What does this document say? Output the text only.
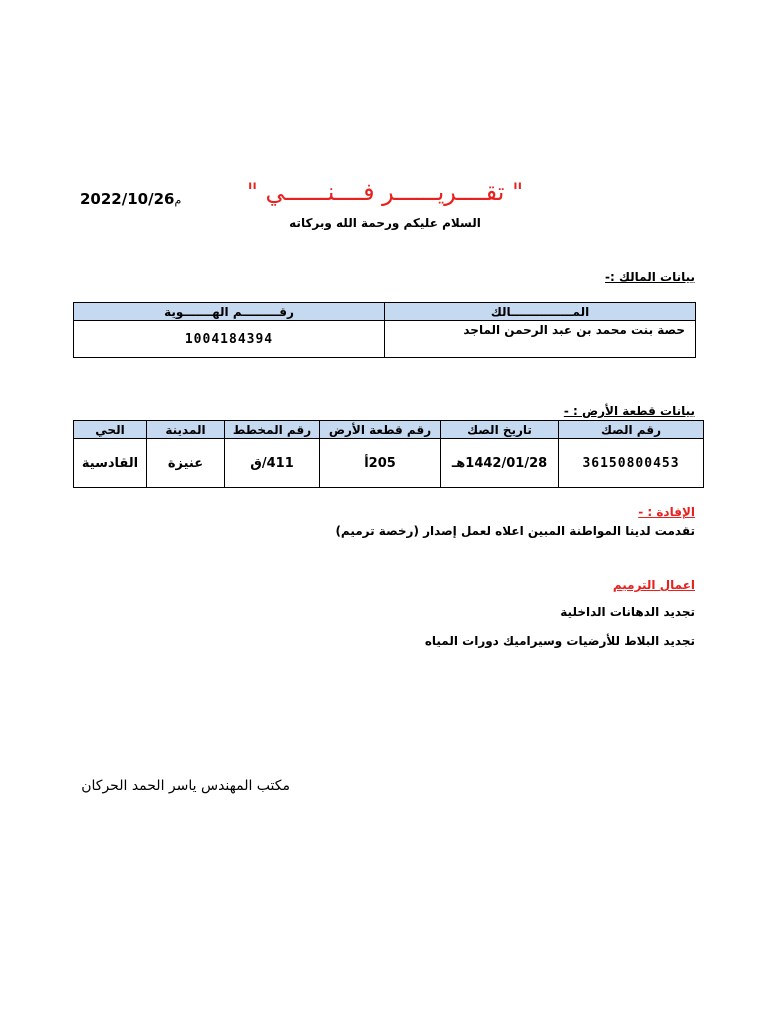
" تقــــريــــــر فــــنــــــي "
2022/10/26م
السلام عليكم ورحمة الله وبركاته
بيانات المالك :-
المـــــــــــــــالك	رقـــــــــم الهـــــــوية
حصة بنت محمد بن عبد الرحمن الماجد	1004184394
بيانات قطعة الأرض : -
رقم الصك	تاريخ الصك	رقم قطعة الأرض	رقم المخطط	المدينة	الحي
36150800453	1442/01/28هـ	205أ	411/ق	عنيزة	القادسية
الإفادة : -
تقدمت لدينا المواطنة المبين اعلاه لعمل إصدار (رخصة ترميم)
اعمال الترميم
تجديد الدهانات الداخلية
تجديد البلاط للأرضيات وسيراميك دورات المياه
مكتب المهندس ياسر الحمد الحركان
